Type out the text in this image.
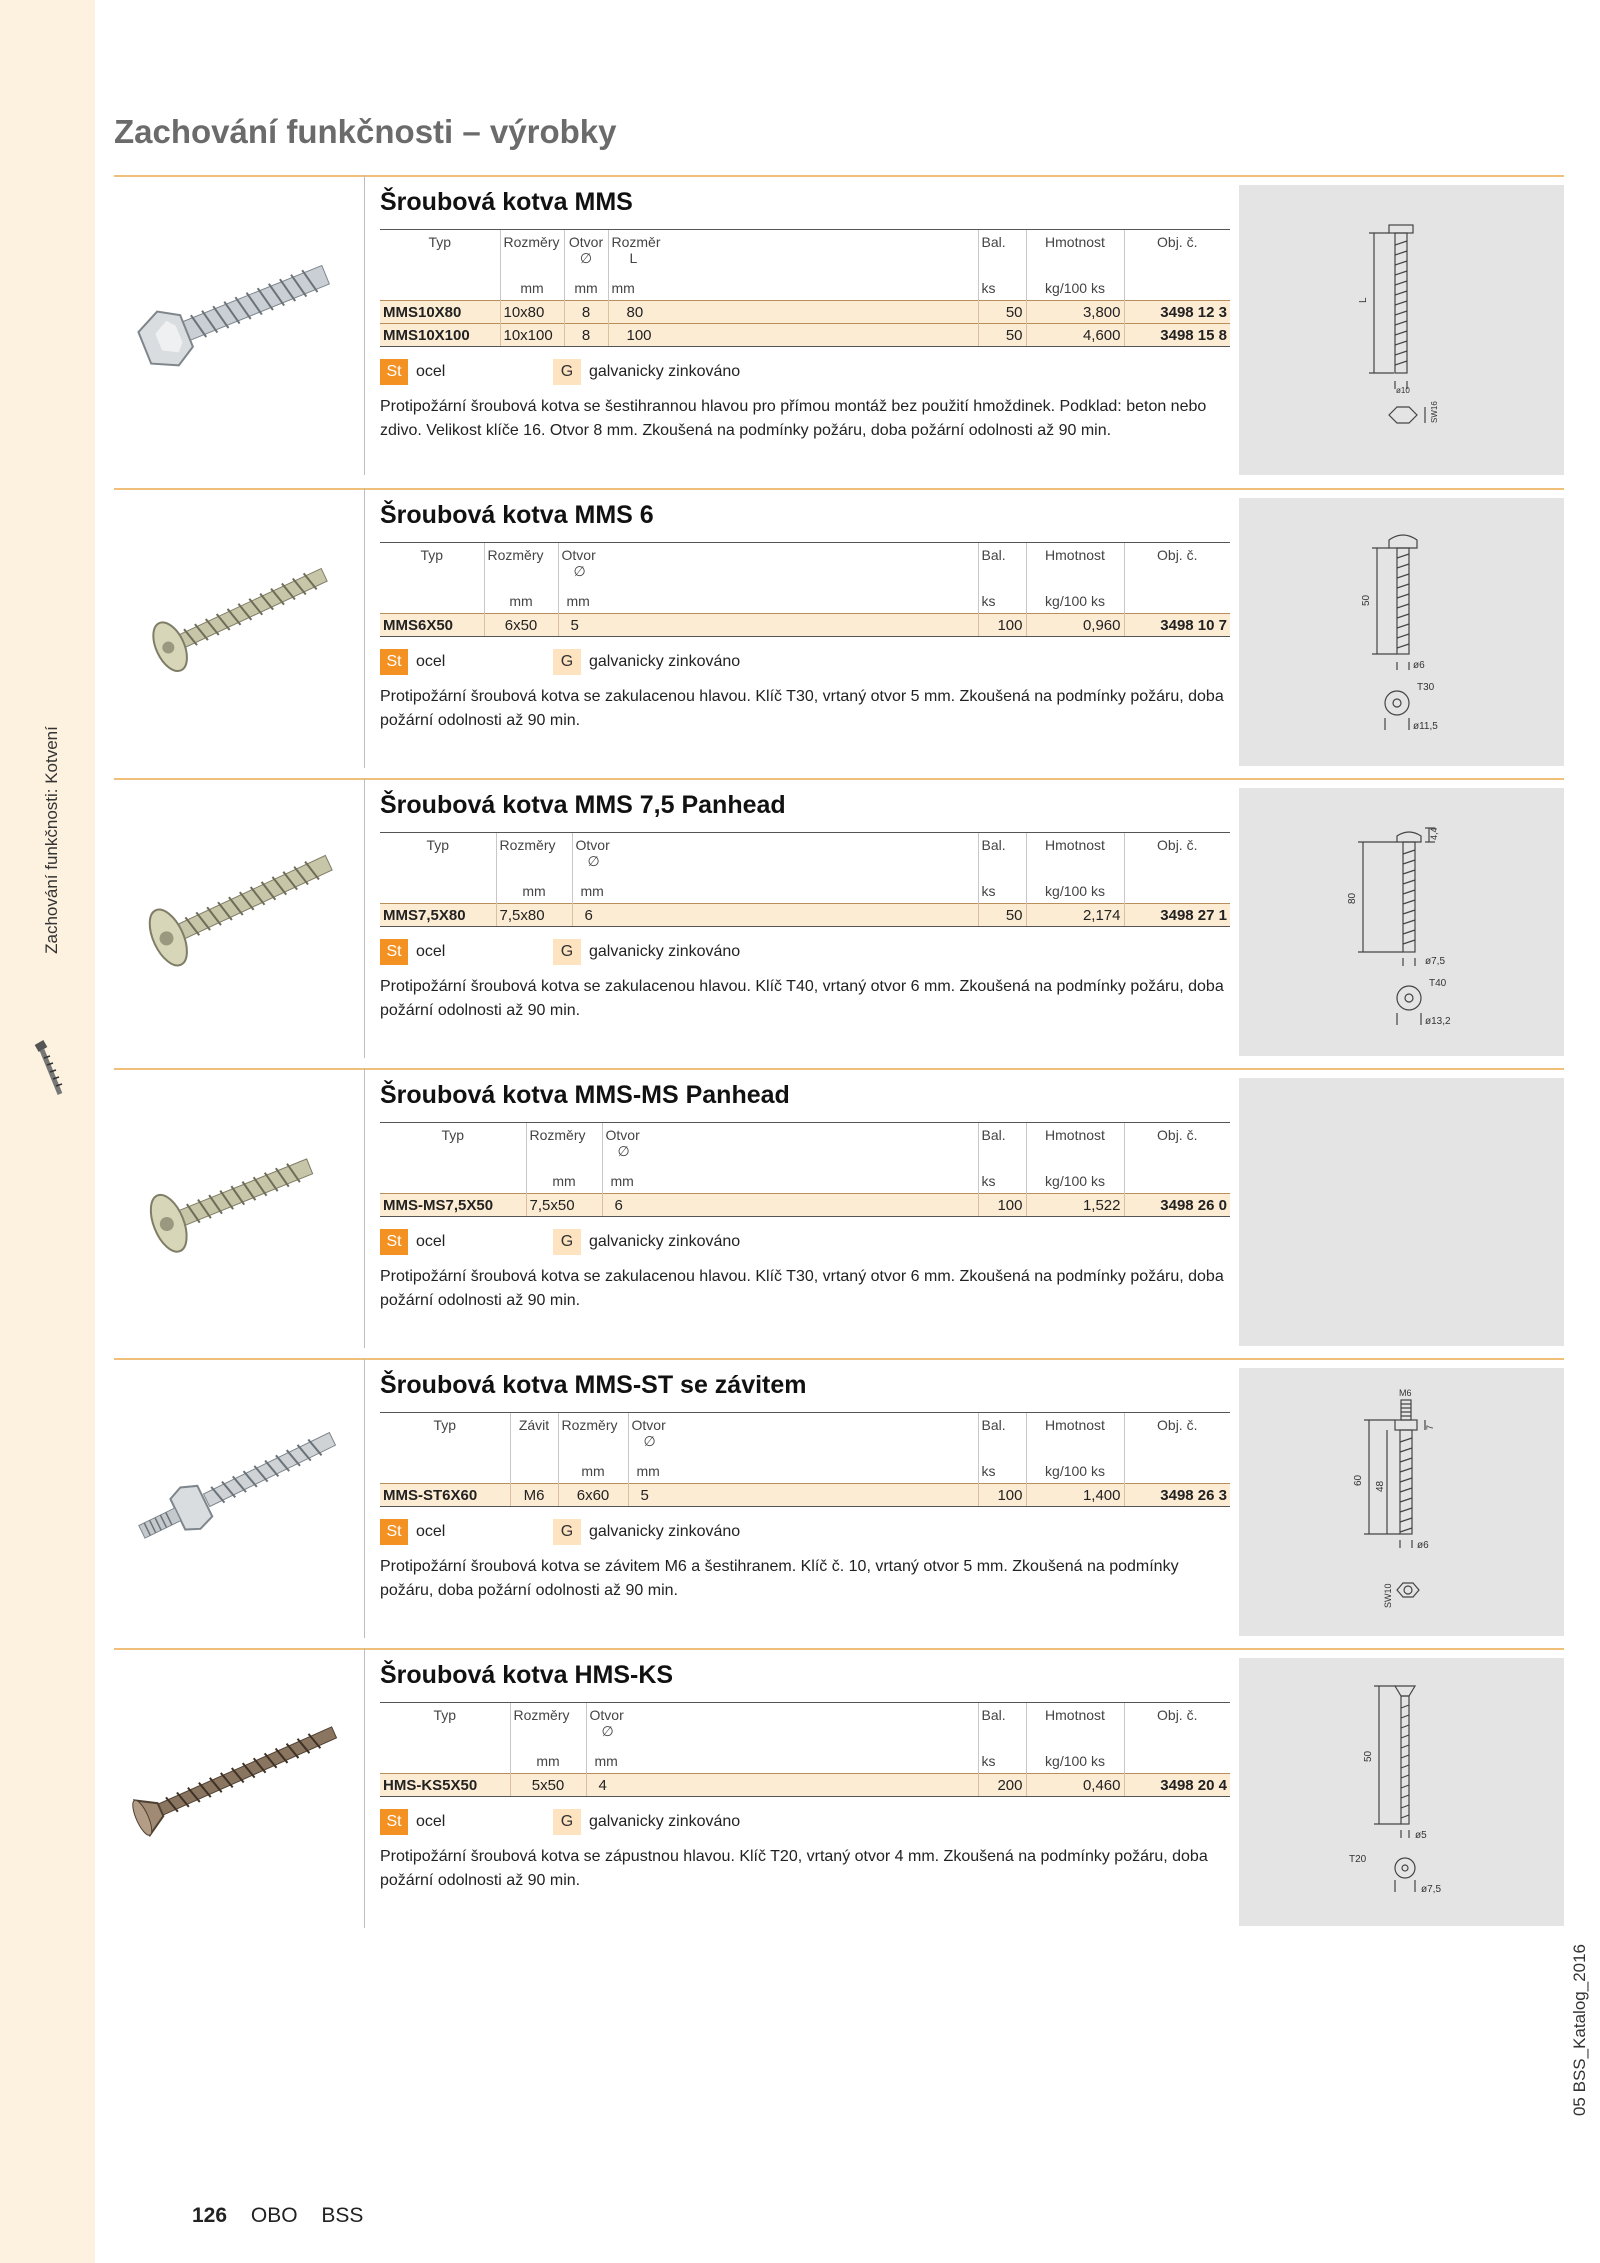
Zachování funkčnosti: Kotvení
Zachování funkčnosti – výrobky
Šroubová kotva MMS
Typ	Rozměry	Otvor
∅	Rozměr
L	Bal.	Hmotnost	Obj. č.
	mm	mm	mm	ks	kg/100 ks	
MMS10X80	10x80	8	80	50	3,800	3498 12 3
MMS10X100	10x100	8	100	50	4,600	3498 15 8
St ocel	G galvanicky zinkováno

Protipožární šroubová kotva se šestihrannou hlavou pro přímou montáž bez použití hmoždinek. Podklad: beton nebo zdivo. Velikost klíče 16. Otvor 8 mm. Zkoušená na podmínky požáru, doba požární odolnosti až 90 min.

L
ø10
SW16
Šroubová kotva MMS 6
Typ	Rozměry	Otvor
∅	Bal.	Hmotnost	Obj. č.
	mm	mm	ks	kg/100 ks	
MMS6X50	6x50	5	100	0,960	3498 10 7
St ocel	G galvanicky zinkováno

Protipožární šroubová kotva se zakulacenou hlavou. Klíč T30, vrtaný otvor 5 mm. Zkoušená na podmínky požáru, doba požární odolnosti až 90 min.

50
ø6
T30
ø11,5
Šroubová kotva MMS 7,5 Panhead
Typ	Rozměry	Otvor
∅	Bal.	Hmotnost	Obj. č.
	mm	mm	ks	kg/100 ks	
MMS7,5X80	7,5x80	6	50	2,174	3498 27 1
St ocel	G galvanicky zinkováno

Protipožární šroubová kotva se zakulacenou hlavou. Klíč T40, vrtaný otvor 6 mm. Zkoušená na podmínky požáru, doba požární odolnosti až 90 min.

80
4,4
ø7,5
T40
ø13,2
Šroubová kotva MMS-MS Panhead
Typ	Rozměry	Otvor
∅	Bal.	Hmotnost	Obj. č.
	mm	mm	ks	kg/100 ks	
MMS-MS7,5X50	7,5x50	6	100	1,522	3498 26 0
St ocel	G galvanicky zinkováno

Protipožární šroubová kotva se zakulacenou hlavou. Klíč T30, vrtaný otvor 6 mm. Zkoušená na podmínky požáru, doba požární odolnosti až 90 min.

Šroubová kotva MMS-ST se závitem
Typ	Závit	Rozměry	Otvor
∅	Bal.	Hmotnost	Obj. č.
		mm	mm	ks	kg/100 ks	
MMS-ST6X60	M6	6x60	5	100	1,400	3498 26 3
St ocel	G galvanicky zinkováno

Protipožární šroubová kotva se závitem M6 a šestihranem. Klíč č. 10, vrtaný otvor 5 mm. Zkoušená na podmínky požáru, doba požární odolnosti až 90 min.

M6
7
60
48
ø6
SW10
Šroubová kotva HMS-KS
Typ	Rozměry	Otvor
∅	Bal.	Hmotnost	Obj. č.
	mm	mm	ks	kg/100 ks	
HMS-KS5X50	5x50	4	200	0,460	3498 20 4
St ocel	G galvanicky zinkováno

Protipožární šroubová kotva se zápustnou hlavou. Klíč T20, vrtaný otvor 4 mm. Zkoušená na podmínky požáru, doba požární odolnosti až 90 min.

50
ø5
T20
ø7,5
126 OBO BSS
05 BSS_Katalog_2016
